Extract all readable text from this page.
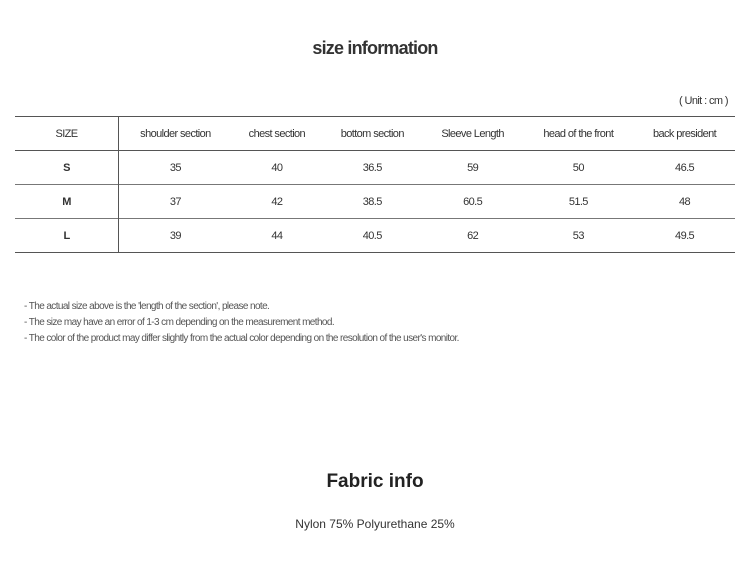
size information
( Unit : cm )
SIZE	shoulder section	chest section	bottom section	Sleeve Length	head of the front	back president
S	35	40	36.5	59	50	46.5
M	37	42	38.5	60.5	51.5	48
L	39	44	40.5	62	53	49.5
- The actual size above is the 'length of the section', please note.
- The size may have an error of 1-3 cm depending on the measurement method.
- The color of the product may differ slightly from the actual color depending on the resolution of the user's monitor.
Fabric info
Nylon 75% Polyurethane 25%
